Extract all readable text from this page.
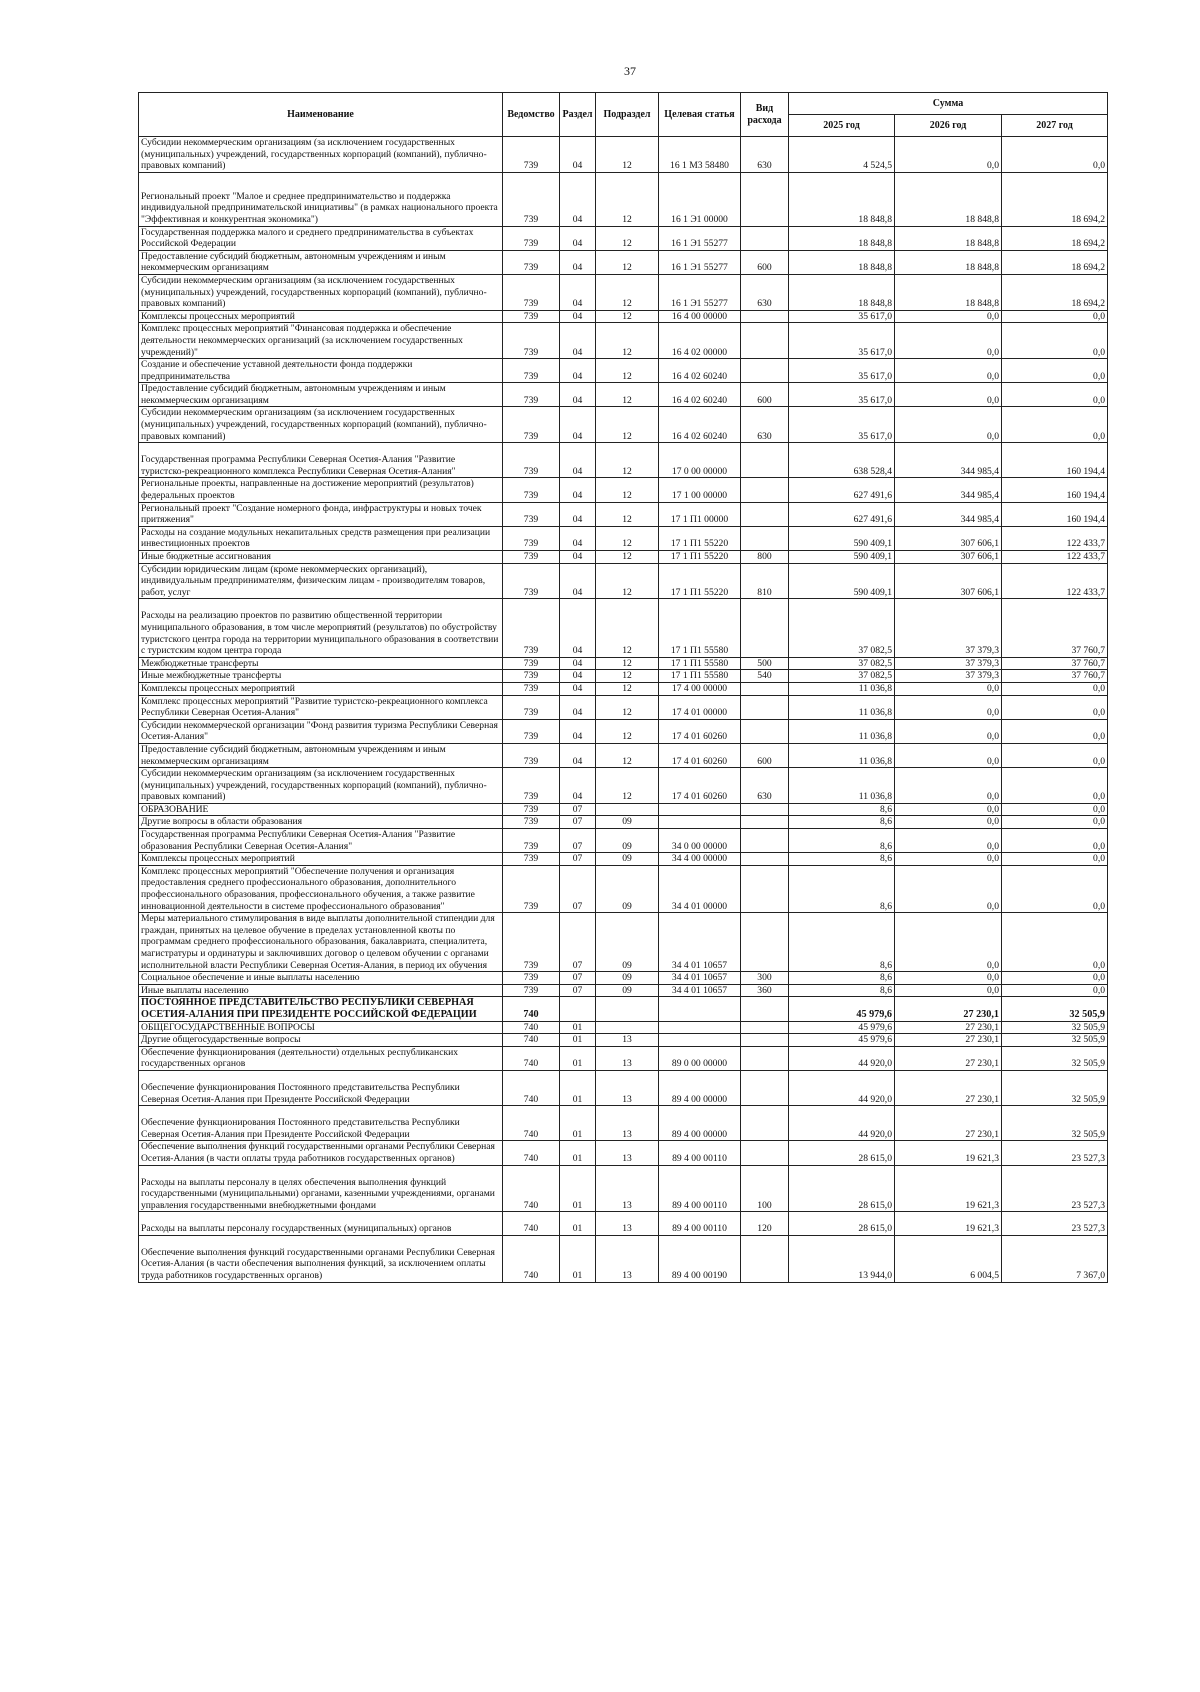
37
Наименование	Ведомство	Раздел	Подраздел	Целевая статья	Вид расхода	Сумма		
						2025 год	2026 год	2027 год
Субсидии некоммерческим организациям (за исключением государственных (муниципальных) учреждений, государственных корпораций (компаний), публично-правовых компаний)	739	04	12	16 1 M3 58480	630	4 524,5	0,0	0,0
Региональный проект "Малое и среднее предпринимательство и поддержка индивидуальной предпринимательской инициативы" (в рамках национального проекта "Эффективная и конкурентная экономика")	739	04	12	16 1 Э1 00000		18 848,8	18 848,8	18 694,2
Государственная поддержка малого и среднего предпринимательства в субъектах Российской Федерации	739	04	12	16 1 Э1 55277		18 848,8	18 848,8	18 694,2
Предоставление субсидий бюджетным, автономным учреждениям и иным некоммерческим организациям	739	04	12	16 1 Э1 55277	600	18 848,8	18 848,8	18 694,2
Субсидии некоммерческим организациям (за исключением государственных (муниципальных) учреждений, государственных корпораций (компаний), публично-правовых компаний)	739	04	12	16 1 Э1 55277	630	18 848,8	18 848,8	18 694,2
Комплексы процессных мероприятий	739	04	12	16 4 00 00000		35 617,0	0,0	0,0
Комплекс процессных мероприятий "Финансовая поддержка и обеспечение деятельности некоммерческих организаций (за исключением государственных учреждений)"	739	04	12	16 4 02 00000		35 617,0	0,0	0,0
Создание и обеспечение уставной деятельности фонда поддержки предпринимательства	739	04	12	16 4 02 60240		35 617,0	0,0	0,0
Предоставление субсидий бюджетным, автономным учреждениям и иным некоммерческим организациям	739	04	12	16 4 02 60240	600	35 617,0	0,0	0,0
Субсидии некоммерческим организациям (за исключением государственных (муниципальных) учреждений, государственных корпораций (компаний), публично-правовых компаний)	739	04	12	16 4 02 60240	630	35 617,0	0,0	0,0
Государственная программа Республики Северная Осетия-Алания "Развитие туристско-рекреационного комплекса Республики Северная Осетия-Алания"	739	04	12	17 0 00 00000		638 528,4	344 985,4	160 194,4
Региональные проекты, направленные на достижение мероприятий (результатов) федеральных проектов	739	04	12	17 1 00 00000		627 491,6	344 985,4	160 194,4
Региональный проект "Создание номерного фонда, инфраструктуры и новых точек притяжения"	739	04	12	17 1 П1 00000		627 491,6	344 985,4	160 194,4
Расходы на создание модульных некапитальных средств размещения при реализации инвестиционных проектов	739	04	12	17 1 П1 55220		590 409,1	307 606,1	122 433,7
Иные бюджетные ассигнования	739	04	12	17 1 П1 55220	800	590 409,1	307 606,1	122 433,7
Субсидии юридическим лицам (кроме некоммерческих организаций), индивидуальным предпринимателям, физическим лицам - производителям товаров, работ, услуг	739	04	12	17 1 П1 55220	810	590 409,1	307 606,1	122 433,7
Расходы на реализацию проектов по развитию общественной территории муниципального образования, в том числе мероприятий (результатов) по обустройству туристского центра города на территории муниципального образования в соответствии с туристским кодом центра города	739	04	12	17 1 П1 55580		37 082,5	37 379,3	37 760,7
Межбюджетные трансферты	739	04	12	17 1 П1 55580	500	37 082,5	37 379,3	37 760,7
Иные межбюджетные трансферты	739	04	12	17 1 П1 55580	540	37 082,5	37 379,3	37 760,7
Комплексы процессных мероприятий	739	04	12	17 4 00 00000		11 036,8	0,0	0,0
Комплекс процессных мероприятий "Развитие туристско-рекреационного комплекса Республики Северная Осетия-Алания"	739	04	12	17 4 01 00000		11 036,8	0,0	0,0
Субсидии некоммерческой организации "Фонд развития туризма Республики Северная Осетия-Алания"	739	04	12	17 4 01 60260		11 036,8	0,0	0,0
Предоставление субсидий бюджетным, автономным учреждениям и иным некоммерческим организациям	739	04	12	17 4 01 60260	600	11 036,8	0,0	0,0
Субсидии некоммерческим организациям (за исключением государственных (муниципальных) учреждений, государственных корпораций (компаний), публично-правовых компаний)	739	04	12	17 4 01 60260	630	11 036,8	0,0	0,0
ОБРАЗОВАНИЕ	739	07				8,6	0,0	0,0
Другие вопросы в области образования	739	07	09			8,6	0,0	0,0
Государственная программа Республики Северная Осетия-Алания "Развитие образования Республики Северная Осетия-Алания"	739	07	09	34 0 00 00000		8,6	0,0	0,0
Комплексы процессных мероприятий	739	07	09	34 4 00 00000		8,6	0,0	0,0
Комплекс процессных мероприятий "Обеспечение получения и организация предоставления среднего профессионального образования, дополнительного профессионального образования, профессионального обучения, а также развитие инновационной деятельности в системе профессионального образования"	739	07	09	34 4 01 00000		8,6	0,0	0,0
Меры материального стимулирования в виде выплаты дополнительной стипендии для граждан, принятых на целевое обучение в пределах установленной квоты по программам среднего профессионального образования, бакалавриата, специалитета, магистратуры и ординатуры и заключивших договор о целевом обучении с органами исполнительной власти Республики Северная Осетия-Алания, в период их обучения	739	07	09	34 4 01 10657		8,6	0,0	0,0
Социальное обеспечение и иные выплаты населению	739	07	09	34 4 01 10657	300	8,6	0,0	0,0
Иные выплаты населению	739	07	09	34 4 01 10657	360	8,6	0,0	0,0
ПОСТОЯННОЕ ПРЕДСТАВИТЕЛЬСТВО РЕСПУБЛИКИ СЕВЕРНАЯ ОСЕТИЯ-АЛАНИЯ ПРИ ПРЕЗИДЕНТЕ РОССИЙСКОЙ ФЕДЕРАЦИИ	740					45 979,6	27 230,1	32 505,9
ОБЩЕГОСУДАРСТВЕННЫЕ ВОПРОСЫ	740	01				45 979,6	27 230,1	32 505,9
Другие общегосударственные вопросы	740	01	13			45 979,6	27 230,1	32 505,9
Обеспечение функционирования (деятельности) отдельных республиканских государственных органов	740	01	13	89 0 00 00000		44 920,0	27 230,1	32 505,9
Обеспечение функционирования Постоянного представительства Республики Северная Осетия-Алания при Президенте Российской Федерации	740	01	13	89 4 00 00000		44 920,0	27 230,1	32 505,9
Обеспечение функционирования Постоянного представительства Республики Северная Осетия-Алания при Президенте Российской Федерации	740	01	13	89 4 00 00000		44 920,0	27 230,1	32 505,9
Обеспечение выполнения функций государственными органами Республики Северная Осетия-Алания (в части оплаты труда работников государственных органов)	740	01	13	89 4 00 00110		28 615,0	19 621,3	23 527,3
Расходы на выплаты персоналу в целях обеспечения выполнения функций государственными (муниципальными) органами, казенными учреждениями, органами управления государственными внебюджетными фондами	740	01	13	89 4 00 00110	100	28 615,0	19 621,3	23 527,3
Расходы на выплаты персоналу государственных (муниципальных) органов	740	01	13	89 4 00 00110	120	28 615,0	19 621,3	23 527,3
Обеспечение выполнения функций государственными органами Республики Северная Осетия-Алания (в части обеспечения выполнения функций, за исключением оплаты труда работников государственных органов)	740	01	13	89 4 00 00190		13 944,0	6 004,5	7 367,0
